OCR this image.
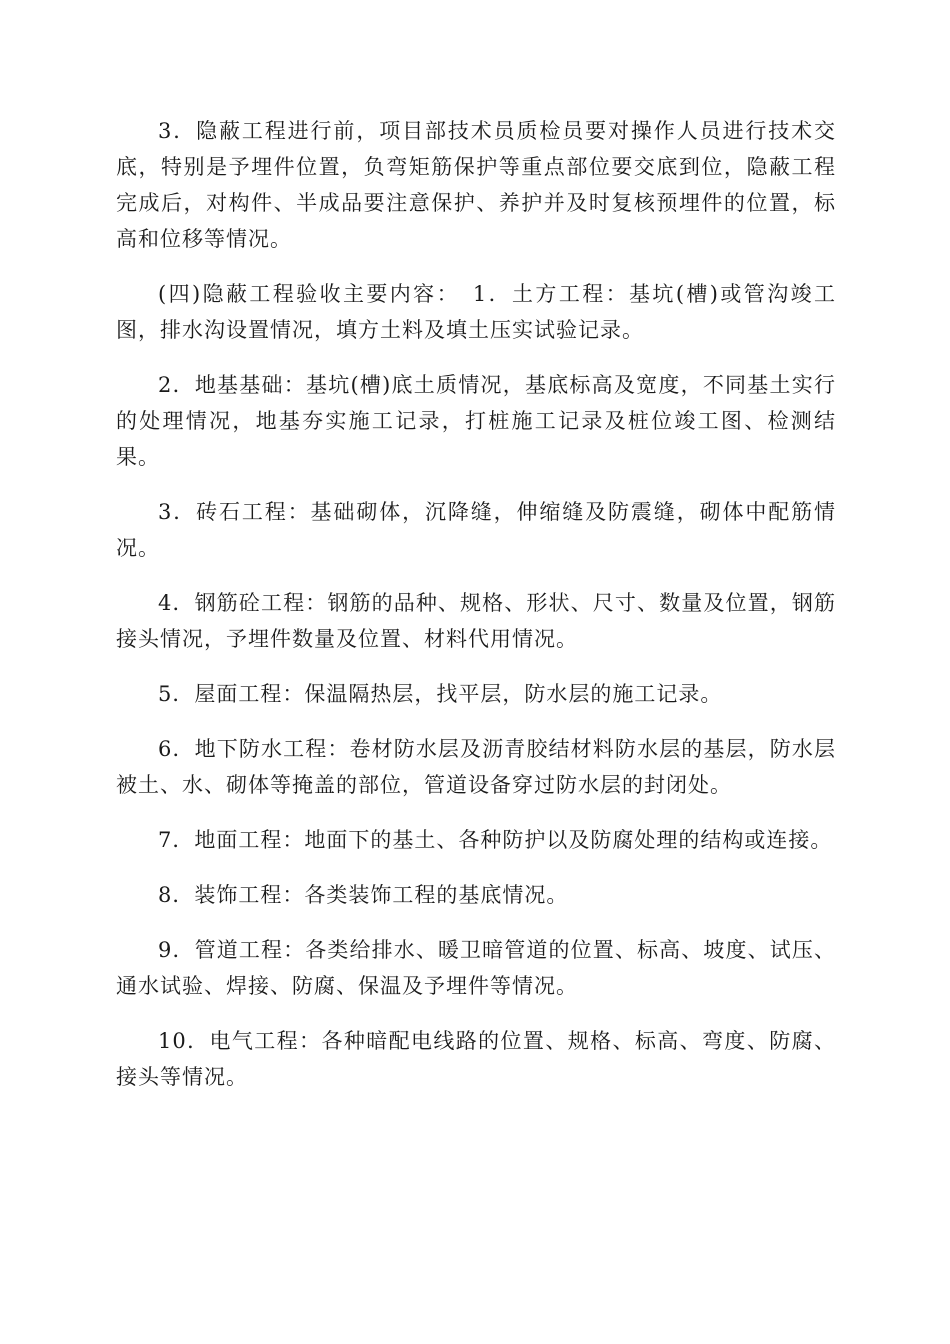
3．隐蔽工程进行前，项目部技术员质检员要对操作人员进行技术交底，特别是予埋件位置，负弯矩筋保护等重点部位要交底到位，隐蔽工程完成后，对构件、半成品要注意保护、养护并及时复核预埋件的位置，标高和位移等情况。

(四)隐蔽工程验收主要内容：　1．土方工程：基坑(槽)或管沟竣工图，排水沟设置情况，填方土料及填土压实试验记录。

2．地基基础：基坑(槽)底土质情况，基底标高及宽度，不同基土实行的处理情况，地基夯实施工记录，打桩施工记录及桩位竣工图、检测结果。

3．砖石工程：基础砌体，沉降缝，伸缩缝及防震缝，砌体中配筋情况。

4．钢筋砼工程：钢筋的品种、规格、形状、尺寸、数量及位置，钢筋接头情况，予埋件数量及位置、材料代用情况。

5．屋面工程：保温隔热层，找平层，防水层的施工记录。

6．地下防水工程：卷材防水层及沥青胶结材料防水层的基层，防水层被土、水、砌体等掩盖的部位，管道设备穿过防水层的封闭处。

7．地面工程：地面下的基土、各种防护以及防腐处理的结构或连接。

8．装饰工程：各类装饰工程的基底情况。

9．管道工程：各类给排水、暖卫暗管道的位置、标高、坡度、试压、通水试验、焊接、防腐、保温及予埋件等情况。

10．电气工程：各种暗配电线路的位置、规格、标高、弯度、防腐、接头等情况。
